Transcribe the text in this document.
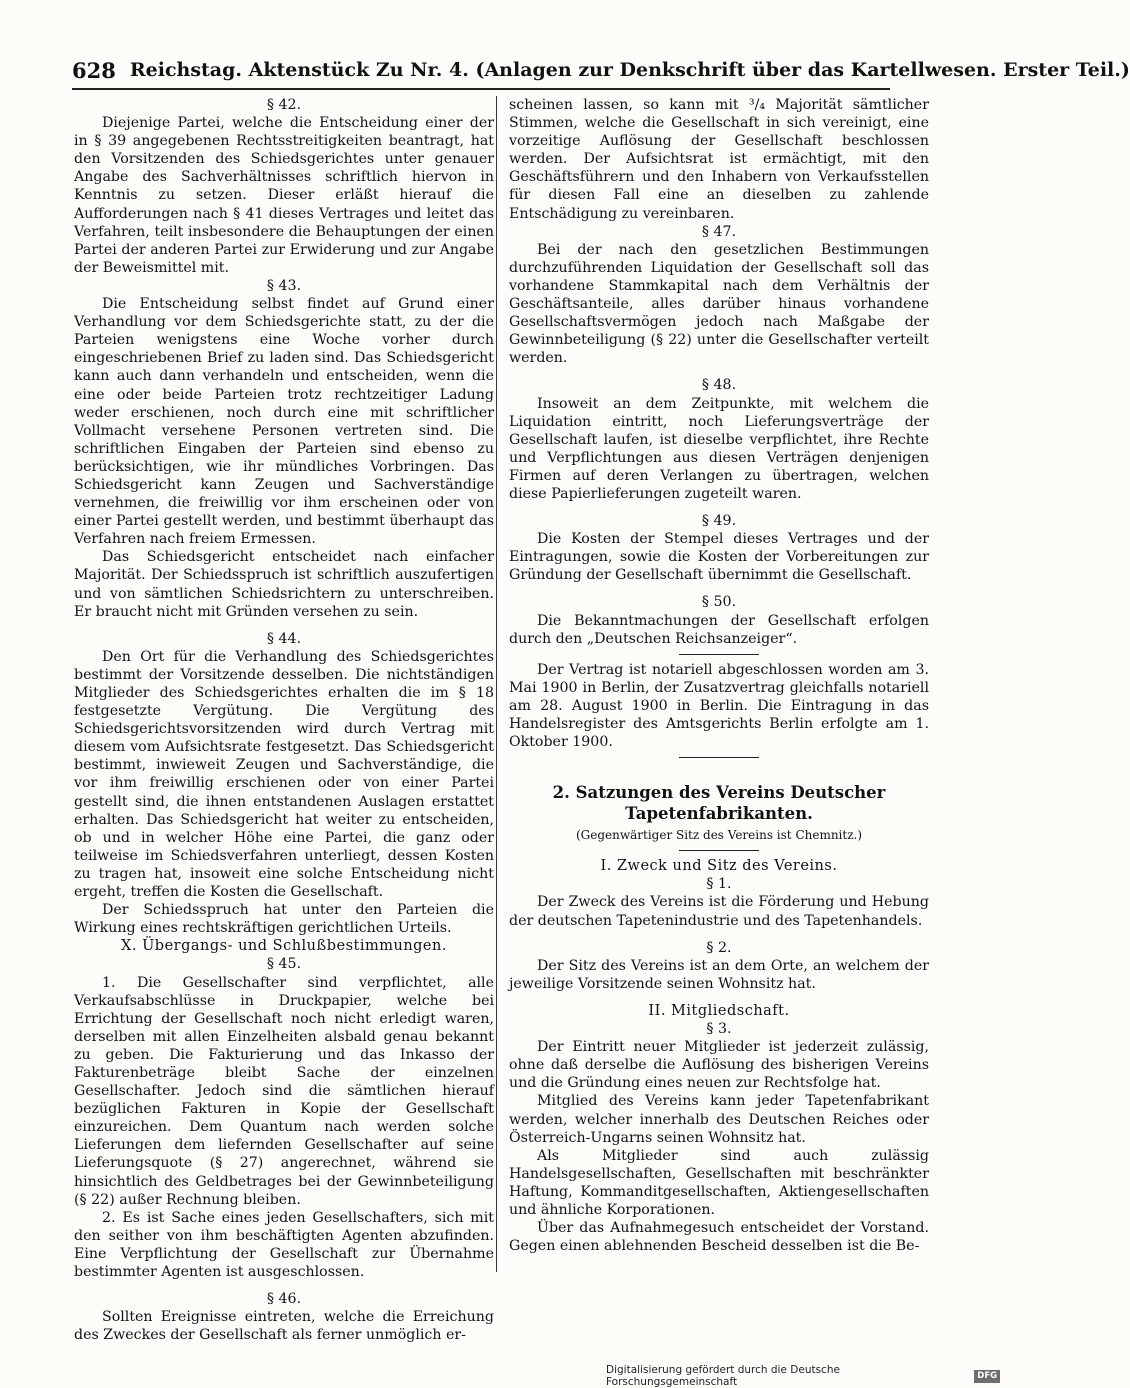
628 Reichstag. Aktenstück Zu Nr. 4. (Anlagen zur Denkschrift über das Kartellwesen. Erster Teil.)
§ 42.

Diejenige Partei, welche die Entscheidung einer der in § 39 angegebenen Rechtsstreitigkeiten beantragt, hat den Vorsitzenden des Schiedsgerichtes unter genauer Angabe des Sachverhältnisses schriftlich hiervon in Kenntnis zu setzen. Dieser erläßt hierauf die Aufforderungen nach § 41 dieses Vertrages und leitet das Verfahren, teilt insbesondere die Behauptungen der einen Partei der anderen Partei zur Erwiderung und zur Angabe der Beweismittel mit.

§ 43.

Die Entscheidung selbst findet auf Grund einer Verhandlung vor dem Schiedsgerichte statt, zu der die Parteien wenigstens eine Woche vorher durch eingeschriebenen Brief zu laden sind. Das Schiedsgericht kann auch dann verhandeln und entscheiden, wenn die eine oder beide Parteien trotz rechtzeitiger Ladung weder erschienen, noch durch eine mit schriftlicher Vollmacht versehene Personen vertreten sind. Die schriftlichen Eingaben der Parteien sind ebenso zu berücksichtigen, wie ihr mündliches Vorbringen. Das Schiedsgericht kann Zeugen und Sachverständige vernehmen, die freiwillig vor ihm erscheinen oder von einer Partei gestellt werden, und bestimmt überhaupt das Verfahren nach freiem Ermessen.

Das Schiedsgericht entscheidet nach einfacher Majorität. Der Schiedsspruch ist schriftlich auszufertigen und von sämtlichen Schiedsrichtern zu unterschreiben. Er braucht nicht mit Gründen versehen zu sein.

§ 44.

Den Ort für die Verhandlung des Schiedsgerichtes bestimmt der Vorsitzende desselben. Die nichtständigen Mitglieder des Schiedsgerichtes erhalten die im § 18 festgesetzte Vergütung. Die Vergütung des Schiedsgerichtsvorsitzenden wird durch Vertrag mit diesem vom Aufsichtsrate festgesetzt. Das Schiedsgericht bestimmt, inwieweit Zeugen und Sachverständige, die vor ihm freiwillig erschienen oder von einer Partei gestellt sind, die ihnen entstandenen Auslagen erstattet erhalten. Das Schiedsgericht hat weiter zu entscheiden, ob und in welcher Höhe eine Partei, die ganz oder teilweise im Schiedsverfahren unterliegt, dessen Kosten zu tragen hat, insoweit eine solche Entscheidung nicht ergeht, treffen die Kosten die Gesellschaft.

Der Schiedsspruch hat unter den Parteien die Wirkung eines rechtskräftigen gerichtlichen Urteils.

X. Übergangs- und Schlußbestimmungen.
§ 45.

1. Die Gesellschafter sind verpflichtet, alle Verkaufsabschlüsse in Druckpapier, welche bei Errichtung der Gesellschaft noch nicht erledigt waren, derselben mit allen Einzelheiten alsbald genau bekannt zu geben. Die Fakturierung und das Inkasso der Fakturenbeträge bleibt Sache der einzelnen Gesellschafter. Jedoch sind die sämtlichen hierauf bezüglichen Fakturen in Kopie der Gesellschaft einzureichen. Dem Quantum nach werden solche Lieferungen dem liefernden Gesellschafter auf seine Lieferungsquote (§ 27) angerechnet, während sie hinsichtlich des Geldbetrages bei der Gewinnbeteiligung (§ 22) außer Rechnung bleiben.

2. Es ist Sache eines jeden Gesellschafters, sich mit den seither von ihm beschäftigten Agenten abzufinden. Eine Verpflichtung der Gesellschaft zur Übernahme bestimmter Agenten ist ausgeschlossen.

§ 46.

Sollten Ereignisse eintreten, welche die Erreichung des Zweckes der Gesellschaft als ferner unmöglich er-

scheinen lassen, so kann mit ³/₄ Majorität sämtlicher Stimmen, welche die Gesellschaft in sich vereinigt, eine vorzeitige Auflösung der Gesellschaft beschlossen werden. Der Aufsichtsrat ist ermächtigt, mit den Geschäftsführern und den Inhabern von Verkaufsstellen für diesen Fall eine an dieselben zu zahlende Entschädigung zu vereinbaren.

§ 47.

Bei der nach den gesetzlichen Bestimmungen durchzuführenden Liquidation der Gesellschaft soll das vorhandene Stammkapital nach dem Verhältnis der Geschäftsanteile, alles darüber hinaus vorhandene Gesellschaftsvermögen jedoch nach Maßgabe der Gewinnbeteiligung (§ 22) unter die Gesellschafter verteilt werden.

§ 48.

Insoweit an dem Zeitpunkte, mit welchem die Liquidation eintritt, noch Lieferungsverträge der Gesellschaft laufen, ist dieselbe verpflichtet, ihre Rechte und Verpflichtungen aus diesen Verträgen denjenigen Firmen auf deren Verlangen zu übertragen, welchen diese Papierlieferungen zugeteilt waren.

§ 49.

Die Kosten der Stempel dieses Vertrages und der Eintragungen, sowie die Kosten der Vorbereitungen zur Gründung der Gesellschaft übernimmt die Gesellschaft.

§ 50.

Die Bekanntmachungen der Gesellschaft erfolgen durch den „Deutschen Reichsanzeiger“.

Der Vertrag ist notariell abgeschlossen worden am 3. Mai 1900 in Berlin, der Zusatzvertrag gleichfalls notariell am 28. August 1900 in Berlin. Die Eintragung in das Handelsregister des Amtsgerichts Berlin erfolgte am 1. Oktober 1900.

2. Satzungen des Vereins Deutscher Tapetenfabrikanten.
(Gegenwärtiger Sitz des Vereins ist Chemnitz.)
I. Zweck und Sitz des Vereins.
§ 1.

Der Zweck des Vereins ist die Förderung und Hebung der deutschen Tapetenindustrie und des Tapetenhandels.

§ 2.

Der Sitz des Vereins ist an dem Orte, an welchem der jeweilige Vorsitzende seinen Wohnsitz hat.

II. Mitgliedschaft.
§ 3.

Der Eintritt neuer Mitglieder ist jederzeit zulässig, ohne daß derselbe die Auflösung des bisherigen Vereins und die Gründung eines neuen zur Rechtsfolge hat.

Mitglied des Vereins kann jeder Tapetenfabrikant werden, welcher innerhalb des Deutschen Reiches oder Österreich-Ungarns seinen Wohnsitz hat.

Als Mitglieder sind auch zulässig Handelsgesellschaften, Gesellschaften mit beschränkter Haftung, Kommanditgesellschaften, Aktiengesellschaften und ähnliche Korporationen.

Über das Aufnahmegesuch entscheidet der Vorstand. Gegen einen ablehnenden Bescheid desselben ist die Be-

Digitalisierung gefördert durch die Deutsche Forschungsgemeinschaft	DFG
